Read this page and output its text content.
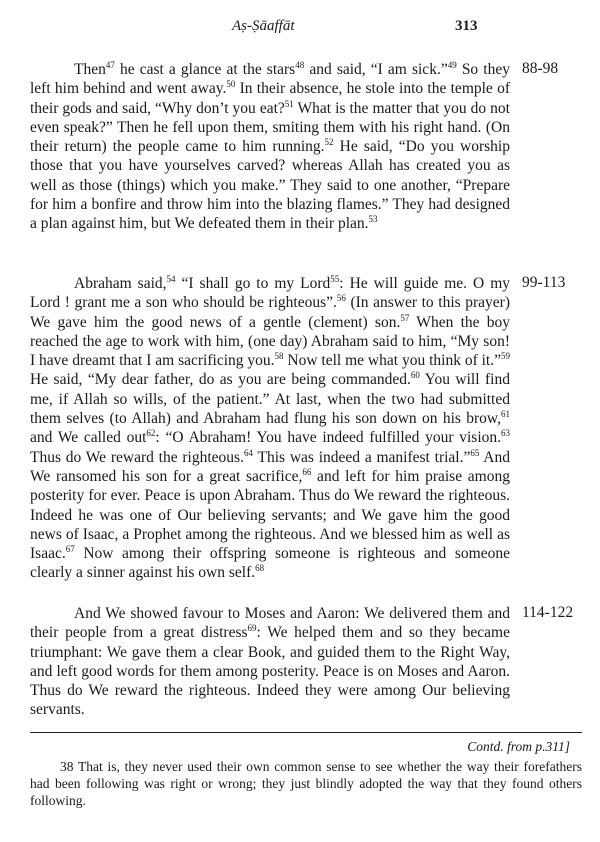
Aṣ-Ṣāaffāt	313

Then$^{47}$ he cast a glance at the stars$^{48}$ and said, “I am sick.”$^{49}$ So they left him behind and went away.$^{50}$ In their absence, he stole into the temple of their gods and said, “Why don’t you eat?$^{51}$ What is the matter that you do not even speak?” Then he fell upon them, smiting them with his right hand. (On their return) the people came to him running.$^{52}$ He said, “Do you worship those that you have yourselves carved? whereas Allah has created you as well as those (things) which you make.” They said to one another, “Prepare for him a bonfire and throw him into the blazing flames.” They had designed a plan against him, but We defeated them in their plan.$^{53}$

88-98

Abraham said,$^{54}$ “I shall go to my Lord$^{55}$: He will guide me. O my Lord ! grant me a son who should be righteous”.$^{56}$ (In answer to this prayer) We gave him the good news of a gentle (clement) son.$^{57}$ When the boy reached the age to work with him, (one day) Abraham said to him, “My son! I have dreamt that I am sacrificing you.$^{58}$ Now tell me what you think of it.”$^{59}$ He said, “My dear father, do as you are being commanded.$^{60}$ You will find me, if Allah so wills, of the patient.” At last, when the two had submitted them selves (to Allah) and Abraham had flung his son down on his brow,$^{61}$ and We called out$^{62}$: “O Abraham! You have indeed fulfilled your vision.$^{63}$ Thus do We reward the righteous.$^{64}$ This was indeed a manifest trial.”$^{65}$ And We ransomed his son for a great sacrifice,$^{66}$ and left for him praise among posterity for ever. Peace is upon Abraham. Thus do We reward the righteous. Indeed he was one of Our believing servants; and We gave him the good news of Isaac, a Prophet among the righteous. And we blessed him as well as Isaac.$^{67}$ Now among their offspring someone is righteous and someone clearly a sinner against his own self.$^{68}$

99-113

And We showed favour to Moses and Aaron: We delivered them and their people from a great distress$^{69}$: We helped them and so they became triumphant: We gave them a clear Book, and guided them to the Right Way, and left good words for them among posterity. Peace is on Moses and Aaron. Thus do We reward the righteous. Indeed they were among Our believing servants.

114-122
Contd. from p.311]

38 That is, they never used their own common sense to see whether the way their forefathers had been following was right or wrong; they just blindly adopted the way that they found others following.
